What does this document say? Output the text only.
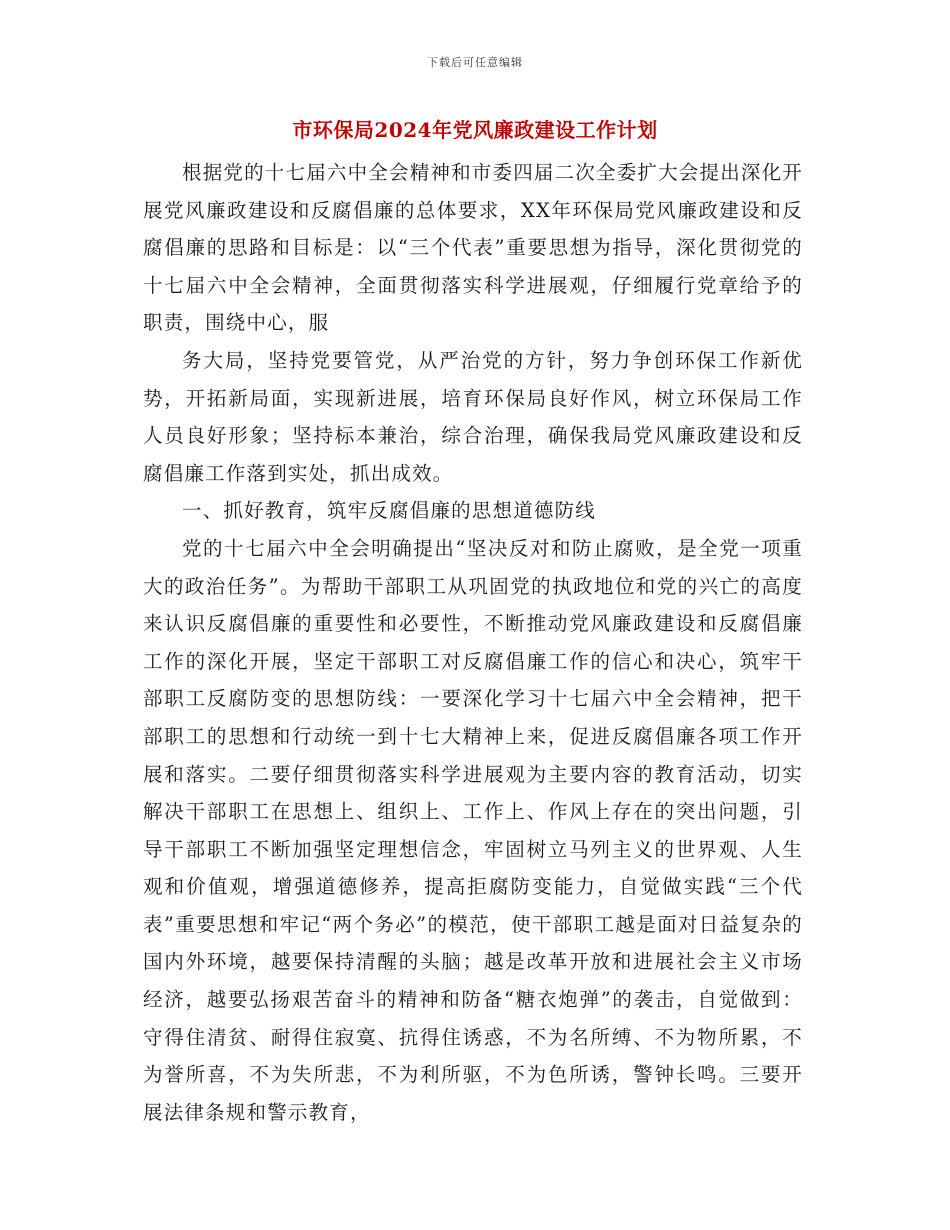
下载后可任意编辑
市环保局2024年党风廉政建设工作计划

根据党的十七届六中全会精神和市委四届二次全委扩大会提出深化开展党风廉政建设和反腐倡廉的总体要求，XX年环保局党风廉政建设和反腐倡廉的思路和目标是：以“三个代表”重要思想为指导，深化贯彻党的十七届六中全会精神，全面贯彻落实科学进展观，仔细履行党章给予的职责，围绕中心，服

务大局，坚持党要管党，从严治党的方针，努力争创环保工作新优势，开拓新局面，实现新进展，培育环保局良好作风，树立环保局工作人员良好形象；坚持标本兼治，综合治理，确保我局党风廉政建设和反腐倡廉工作落到实处，抓出成效。

一、抓好教育，筑牢反腐倡廉的思想道德防线

党的十七届六中全会明确提出“坚决反对和防止腐败，是全党一项重大的政治任务”。为帮助干部职工从巩固党的执政地位和党的兴亡的高度来认识反腐倡廉的重要性和必要性，不断推动党风廉政建设和反腐倡廉工作的深化开展，坚定干部职工对反腐倡廉工作的信心和决心，筑牢干部职工反腐防变的思想防线：一要深化学习十七届六中全会精神，把干部职工的思想和行动统一到十七大精神上来，促进反腐倡廉各项工作开展和落实。二要仔细贯彻落实科学进展观为主要内容的教育活动，切实解决干部职工在思想上、组织上、工作上、作风上存在的突出问题，引导干部职工不断加强坚定理想信念，牢固树立马列主义的世界观、人生观和价值观，增强道德修养，提高拒腐防变能力，自觉做实践“三个代表”重要思想和牢记“两个务必”的模范，使干部职工越是面对日益复杂的国内外环境，越要保持清醒的头脑；越是改革开放和进展社会主义市场经济，越要弘扬艰苦奋斗的精神和防备“糖衣炮弹”的袭击，自觉做到：守得住清贫、耐得住寂寞、抗得住诱惑，不为名所缚、不为物所累，不为誉所喜，不为失所悲，不为利所驱，不为色所诱，警钟长鸣。三要开展法律条规和警示教育，
